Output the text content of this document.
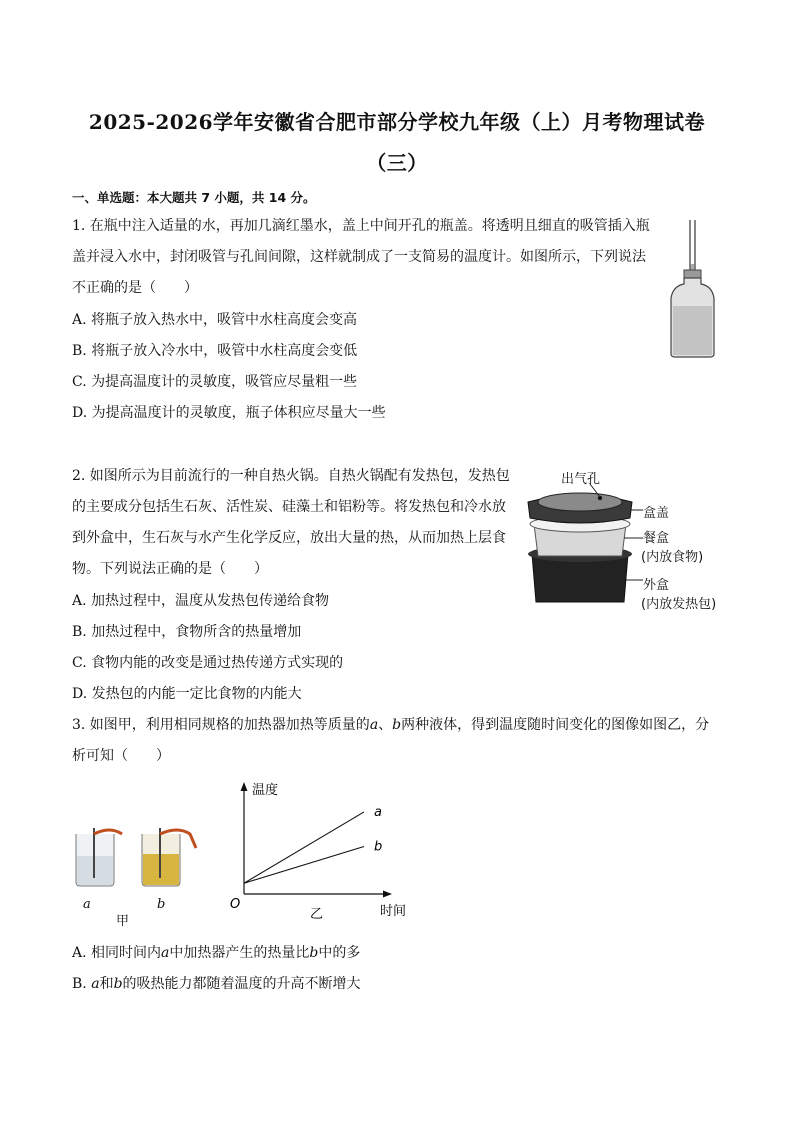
2025-2026学年安徽省合肥市部分学校九年级（上）月考物理试卷
（三）
一、单选题：本大题共 7 小题，共 14 分。
1. 在瓶中注入适量的水，再加几滴红墨水，盖上中间开孔的瓶盖。将透明且细直的吸管插入瓶
盖并浸入水中，封闭吸管与孔间间隙，这样就制成了一支简易的温度计。如图所示，下列说法
不正确的是（　　）
A. 将瓶子放入热水中，吸管中水柱高度会变高
B. 将瓶子放入冷水中，吸管中水柱高度会变低
C. 为提高温度计的灵敏度，吸管应尽量粗一些
D. 为提高温度计的灵敏度，瓶子体积应尽量大一些
2. 如图所示为目前流行的一种自热火锅。自热火锅配有发热包，发热包
的主要成分包括生石灰、活性炭、硅藻土和铝粉等。将发热包和冷水放
到外盒中，生石灰与水产生化学反应，放出大量的热，从而加热上层食
物。下列说法正确的是（　　）
A. 加热过程中，温度从发热包传递给食物
B. 加热过程中，食物所含的热量增加
C. 食物内能的改变是通过热传递方式实现的
D. 发热包的内能一定比食物的内能大
出气孔
盒盖
餐盒
(内放食物)
外盒
(内放发热包)
3. 如图甲，利用相同规格的加热器加热等质量的a、b两种液体，得到温度随时间变化的图像如图乙，分
析可知（　　）
a	b
甲
a
b
温度
时间
O
乙
A. 相同时间内a中加热器产生的热量比b中的多
B. a和b的吸热能力都随着温度的升高不断增大
